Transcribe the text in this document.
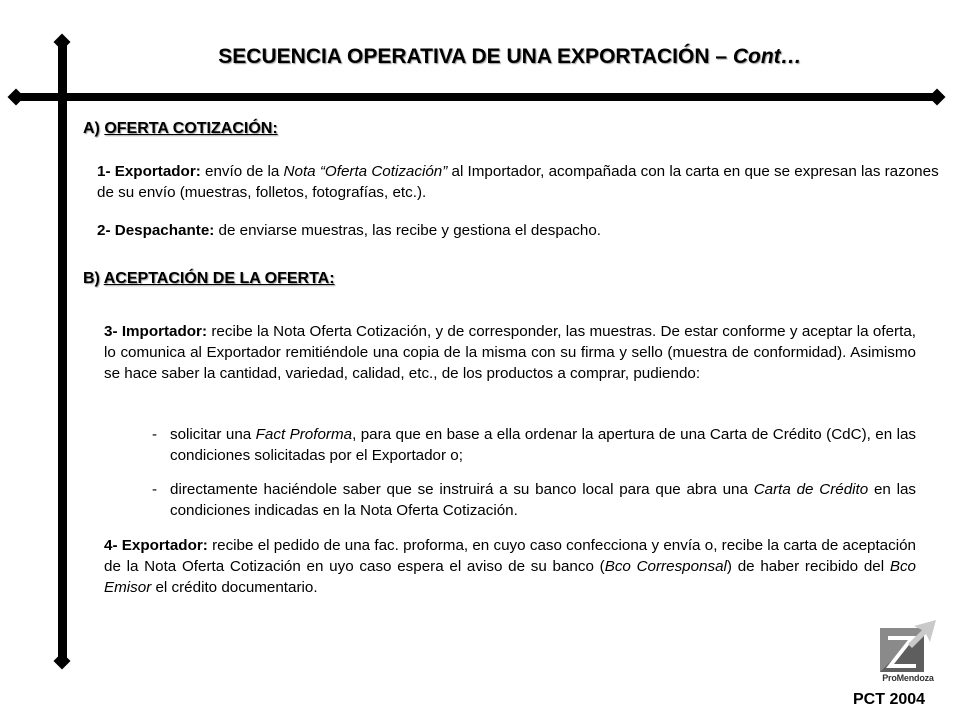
SECUENCIA OPERATIVA DE UNA EXPORTACIÓN – Cont…
A) OFERTA COTIZACIÓN:
1- Exportador: envío de la Nota “Oferta Cotización” al Importador, acompañada con la carta en que se expresan las razones de su envío (muestras, folletos, fotografías, etc.).
2- Despachante: de enviarse muestras, las recibe y gestiona el despacho.
B) ACEPTACIÓN DE LA OFERTA:
3- Importador: recibe la Nota Oferta Cotización, y de corresponder, las muestras. De estar conforme y aceptar la oferta, lo comunica al Exportador remitiéndole una copia de la misma con su firma y sello (muestra de conformidad). Asimismo se hace saber la cantidad, variedad, calidad, etc., de los productos a comprar, pudiendo:
- solicitar una Fact Proforma, para que en base a ella ordenar la apertura de una Carta de Crédito (CdC), en las condiciones solicitadas por el Exportador o;
- directamente haciéndole saber que se instruirá a su banco local para que abra una Carta de Crédito en las condiciones indicadas en la Nota Oferta Cotización.
4- Exportador: recibe el pedido de una fac. proforma, en cuyo caso confecciona y envía o, recibe la carta de aceptación de la Nota Oferta Cotización en uyo caso espera el aviso de su banco (Bco Corresponsal) de haber recibido del Bco Emisor el crédito documentario.
ProMendoza
PCT 2004
